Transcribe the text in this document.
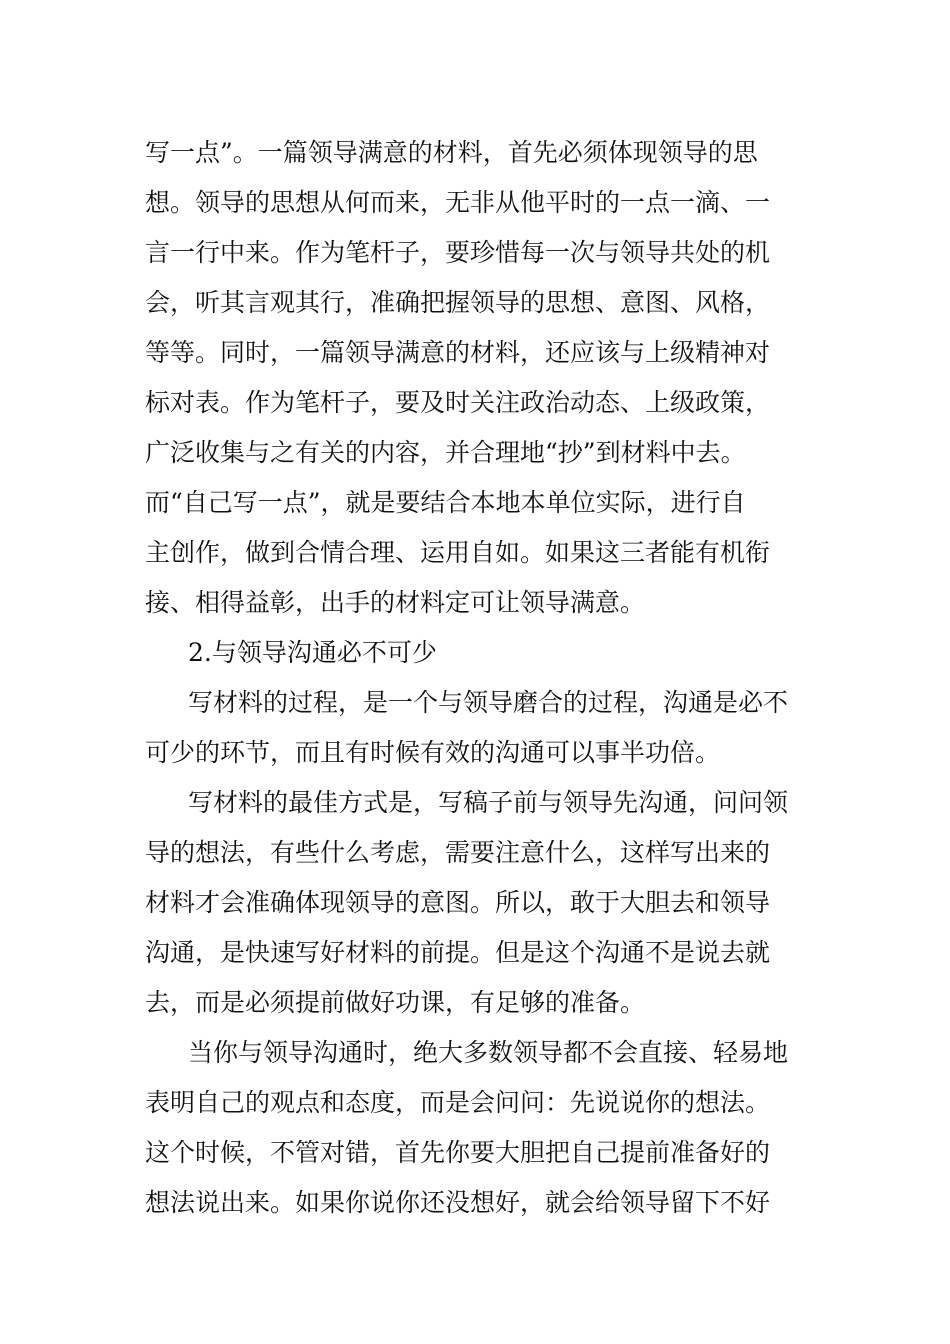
写一点”。一篇领导满意的材料，首先必须体现领导的思
想。领导的思想从何而来，无非从他平时的一点一滴、一
言一行中来。作为笔杆子，要珍惜每一次与领导共处的机
会，听其言观其行，准确把握领导的思想、意图、风格，
等等。同时，一篇领导满意的材料，还应该与上级精神对
标对表。作为笔杆子，要及时关注政治动态、上级政策，
广泛收集与之有关的内容，并合理地“抄”到材料中去。
而“自己写一点”，就是要结合本地本单位实际，进行自
主创作，做到合情合理、运用自如。如果这三者能有机衔
接、相得益彰，出手的材料定可让领导满意。
2.与领导沟通必不可少
写材料的过程，是一个与领导磨合的过程，沟通是必不
可少的环节，而且有时候有效的沟通可以事半功倍。
写材料的最佳方式是，写稿子前与领导先沟通，问问领
导的想法，有些什么考虑，需要注意什么，这样写出来的
材料才会准确体现领导的意图。所以，敢于大胆去和领导
沟通，是快速写好材料的前提。但是这个沟通不是说去就
去，而是必须提前做好功课，有足够的准备。
当你与领导沟通时，绝大多数领导都不会直接、轻易地
表明自己的观点和态度，而是会问问：先说说你的想法。
这个时候，不管对错，首先你要大胆把自己提前准备好的
想法说出来。如果你说你还没想好，就会给领导留下不好
